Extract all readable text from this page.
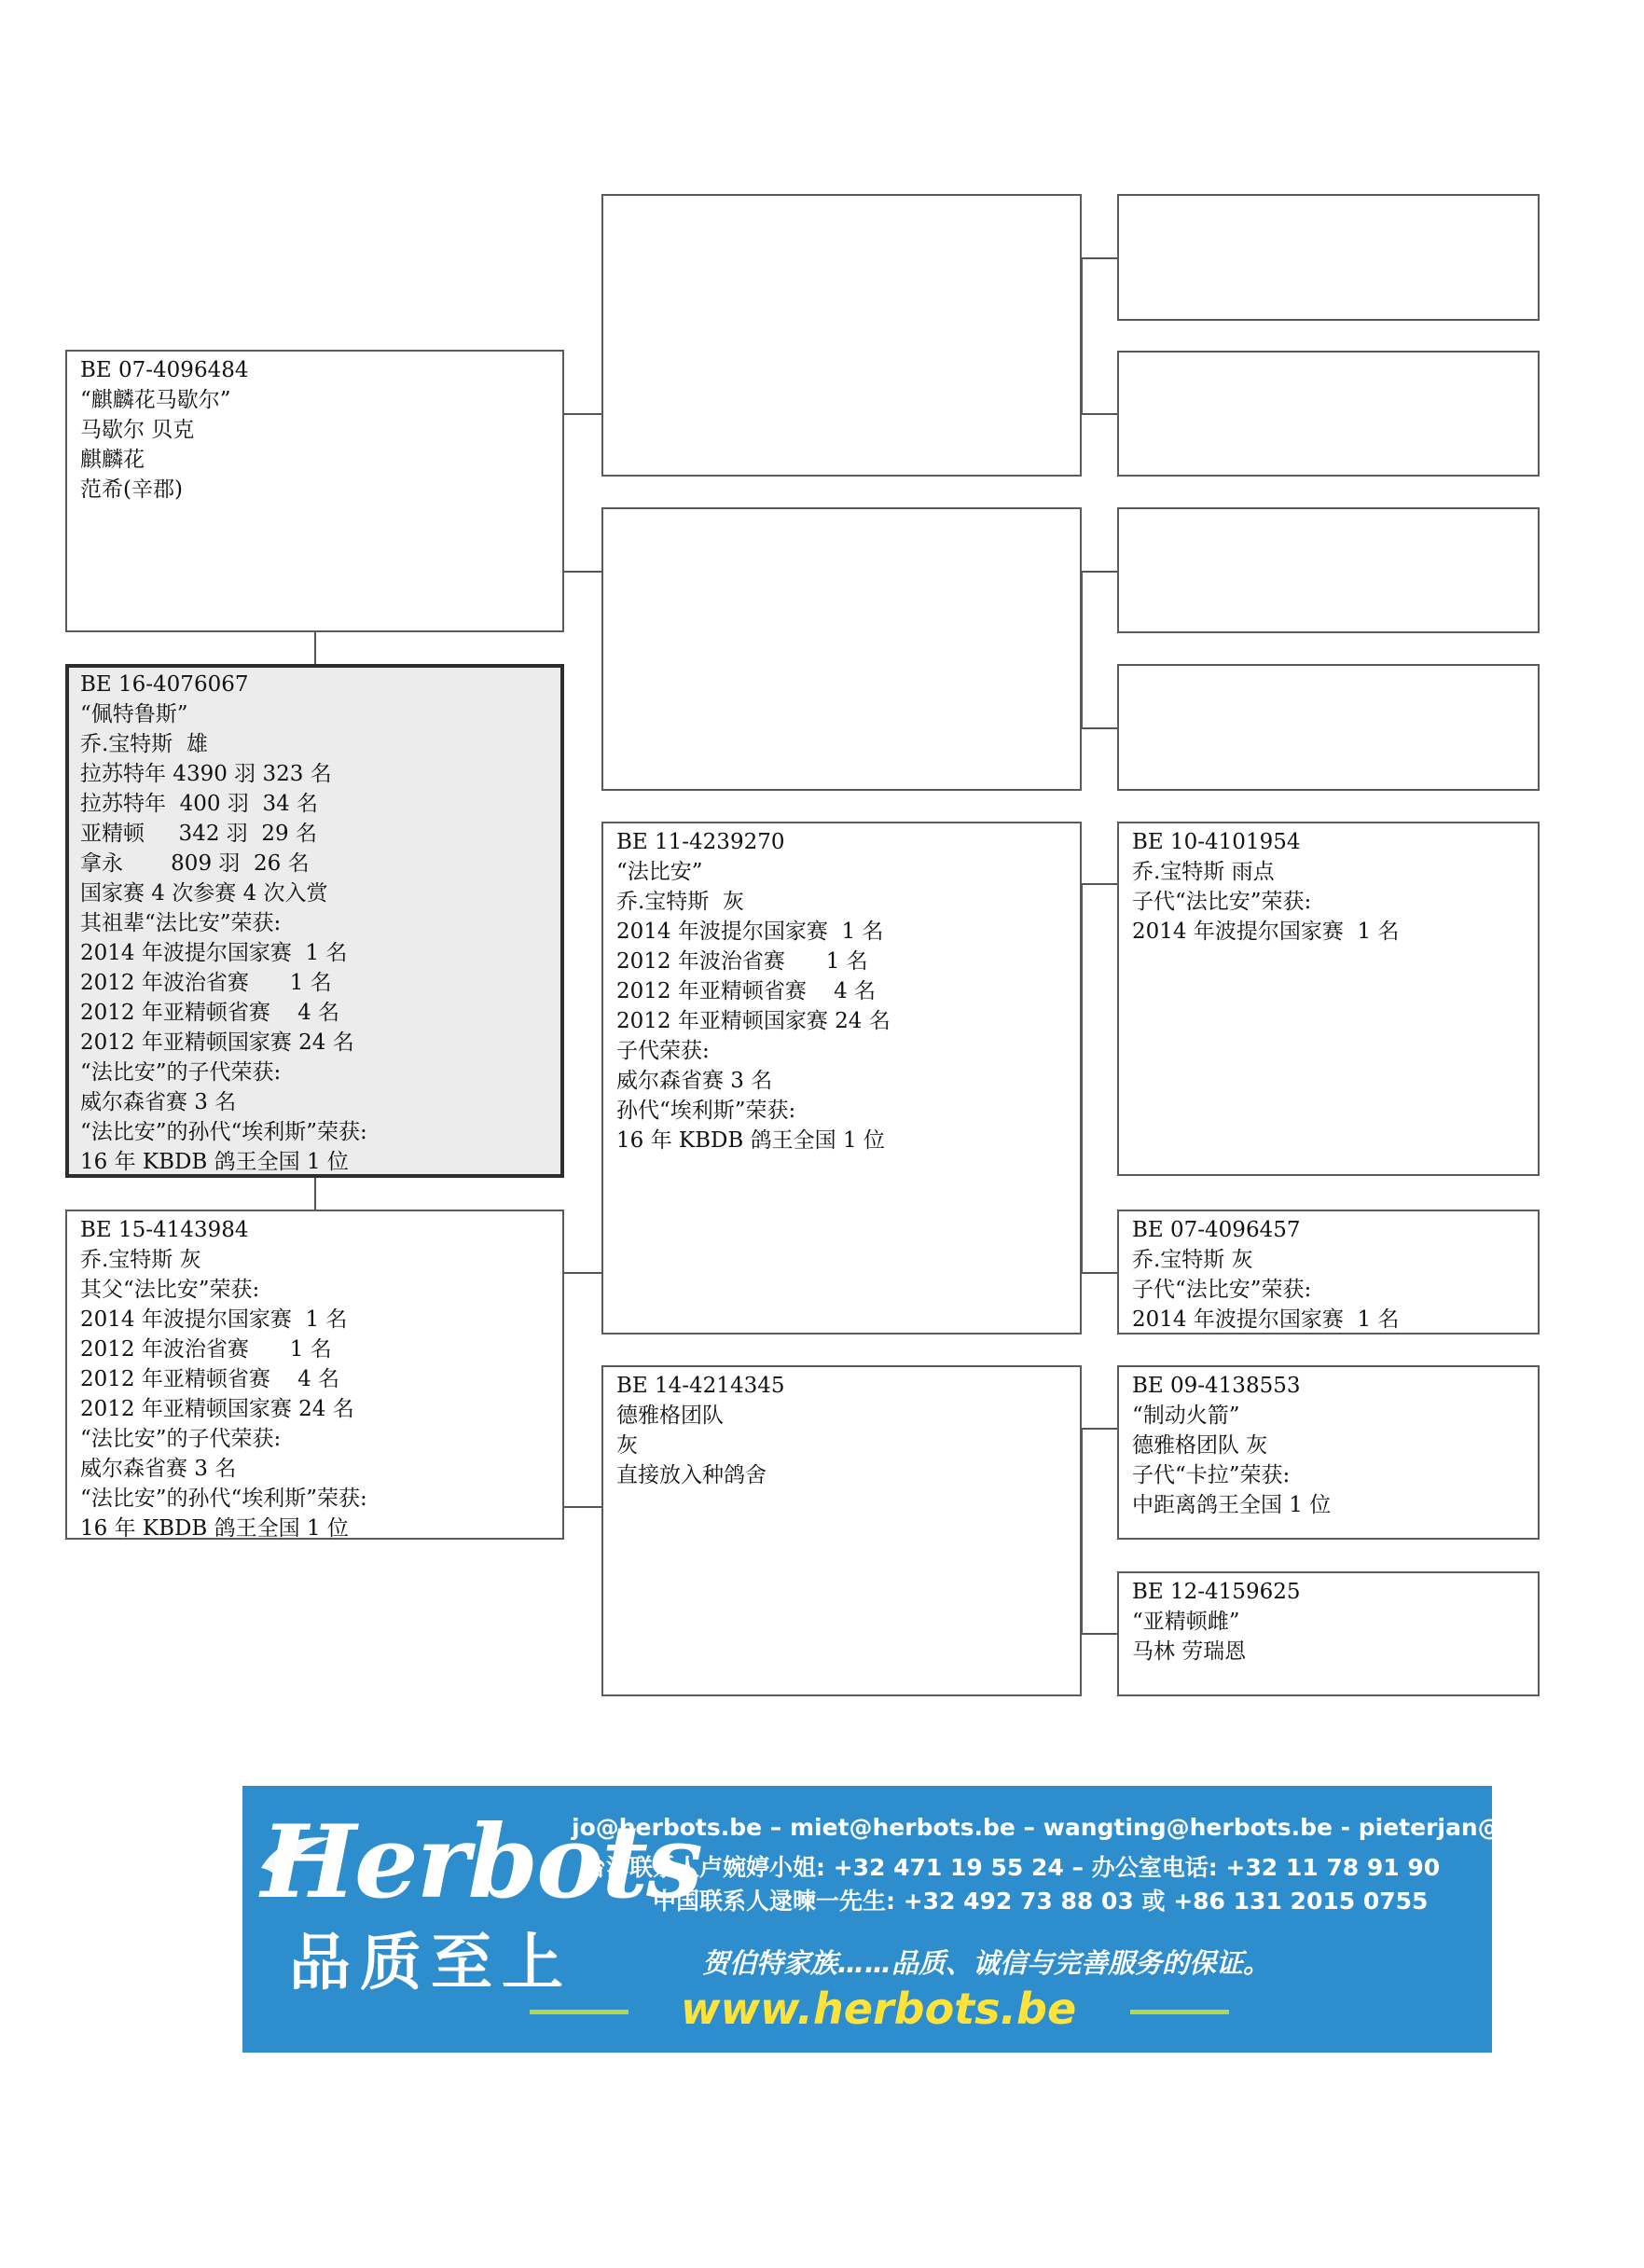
BE 07-4096484
“麒麟花马歇尔”
马歇尔 贝克
麒麟花
范希(辛郡)
BE 16-4076067
“佩特鲁斯”
乔.宝特斯  雄
拉苏特年 4390 羽 323 名
拉苏特年  400 羽  34 名
亚精顿     342 羽  29 名
拿永       809 羽  26 名
国家赛 4 次参赛 4 次入赏
其祖辈“法比安”荣获:
2014 年波提尔国家赛  1 名
2012 年波治省赛      1 名
2012 年亚精顿省赛    4 名
2012 年亚精顿国家赛 24 名
“法比安”的子代荣获:
威尔森省赛 3 名
“法比安”的孙代“埃利斯”荣获:
16 年 KBDB 鸽王全国 1 位
BE 15-4143984
乔.宝特斯 灰
其父“法比安”荣获:
2014 年波提尔国家赛  1 名
2012 年波治省赛      1 名
2012 年亚精顿省赛    4 名
2012 年亚精顿国家赛 24 名
“法比安”的子代荣获:
威尔森省赛 3 名
“法比安”的孙代“埃利斯”荣获:
16 年 KBDB 鸽王全国 1 位
BE 11-4239270
“法比安”
乔.宝特斯  灰
2014 年波提尔国家赛  1 名
2012 年波治省赛      1 名
2012 年亚精顿省赛    4 名
2012 年亚精顿国家赛 24 名
子代荣获:
威尔森省赛 3 名
孙代“埃利斯”荣获:
16 年 KBDB 鸽王全国 1 位
BE 14-4214345
德雅格团队
灰
直接放入种鸽舍
BE 10-4101954
乔.宝特斯 雨点
子代“法比安”荣获:
2014 年波提尔国家赛  1 名
BE 07-4096457
乔.宝特斯 灰
子代“法比安”荣获:
2014 年波提尔国家赛  1 名
BE 09-4138553
“制动火箭”
德雅格团队 灰
子代“卡拉”荣获:
中距离鸽王全国 1 位
BE 12-4159625
“亚精顿雌”
马林 劳瑞恩
Herbots
品质至上
jo@herbots.be – miet@herbots.be – wangting@herbots.be - pieterjan@herbots.be
台湾联系人卢婉婷小姐: +32 471 19 55 24 – 办公室电话: +32 11 78 91 90
中国联系人逯暕一先生: +32 492 73 88 03 或 +86 131 2015 0755
贺伯特家族……品质、诚信与完善服务的保证。
www.herbots.be
